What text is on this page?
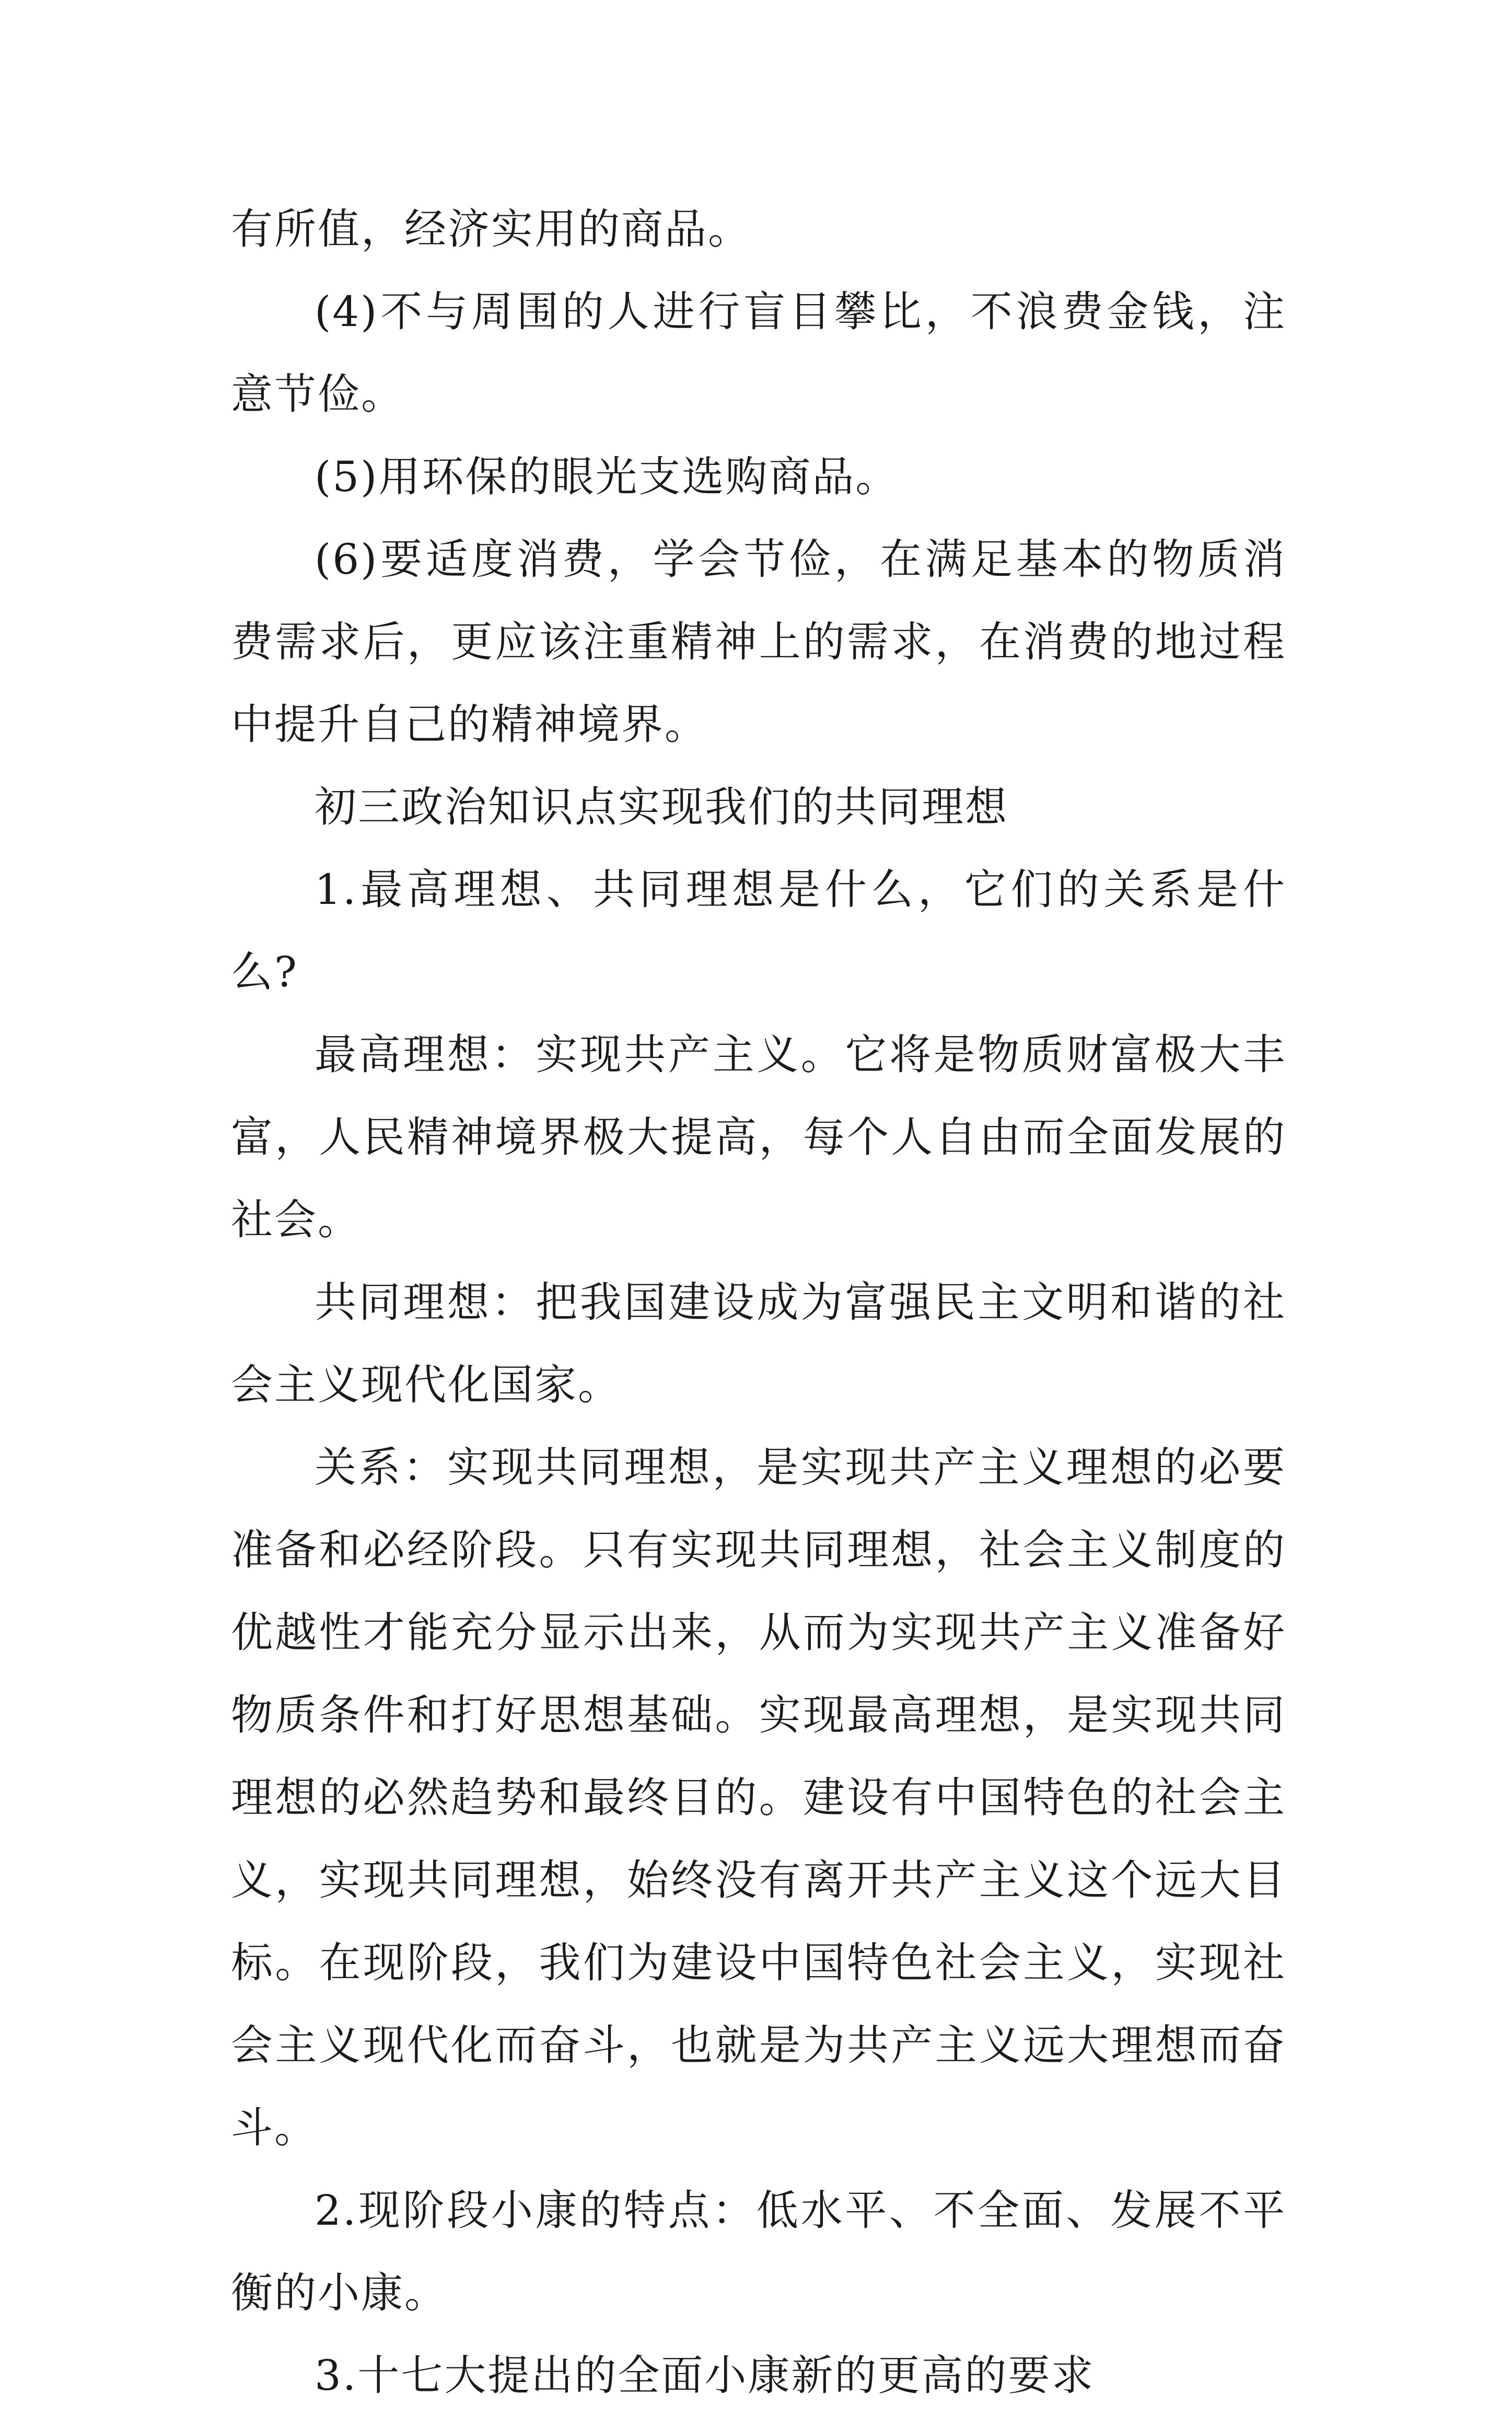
有所值，经济实用的商品。

(4)不与周围的人进行盲目攀比，不浪费金钱，注意节俭。

(5)用环保的眼光支选购商品。

(6)要适度消费，学会节俭，在满足基本的物质消费需求后，更应该注重精神上的需求，在消费的地过程中提升自己的精神境界。

初三政治知识点实现我们的共同理想

1.最高理想、共同理想是什么，它们的关系是什么?

最高理想：实现共产主义。它将是物质财富极大丰富，人民精神境界极大提高，每个人自由而全面发展的社会。

共同理想：把我国建设成为富强民主文明和谐的社会主义现代化国家。

关系：实现共同理想，是实现共产主义理想的必要准备和必经阶段。只有实现共同理想，社会主义制度的优越性才能充分显示出来，从而为实现共产主义准备好物质条件和打好思想基础。实现最高理想，是实现共同理想的必然趋势和最终目的。建设有中国特色的社会主义，实现共同理想，始终没有离开共产主义这个远大目标。在现阶段，我们为建设中国特色社会主义，实现社会主义现代化而奋斗，也就是为共产主义远大理想而奋斗。

2.现阶段小康的特点：低水平、不全面、发展不平衡的小康。

3.十七大提出的全面小康新的更高的要求
